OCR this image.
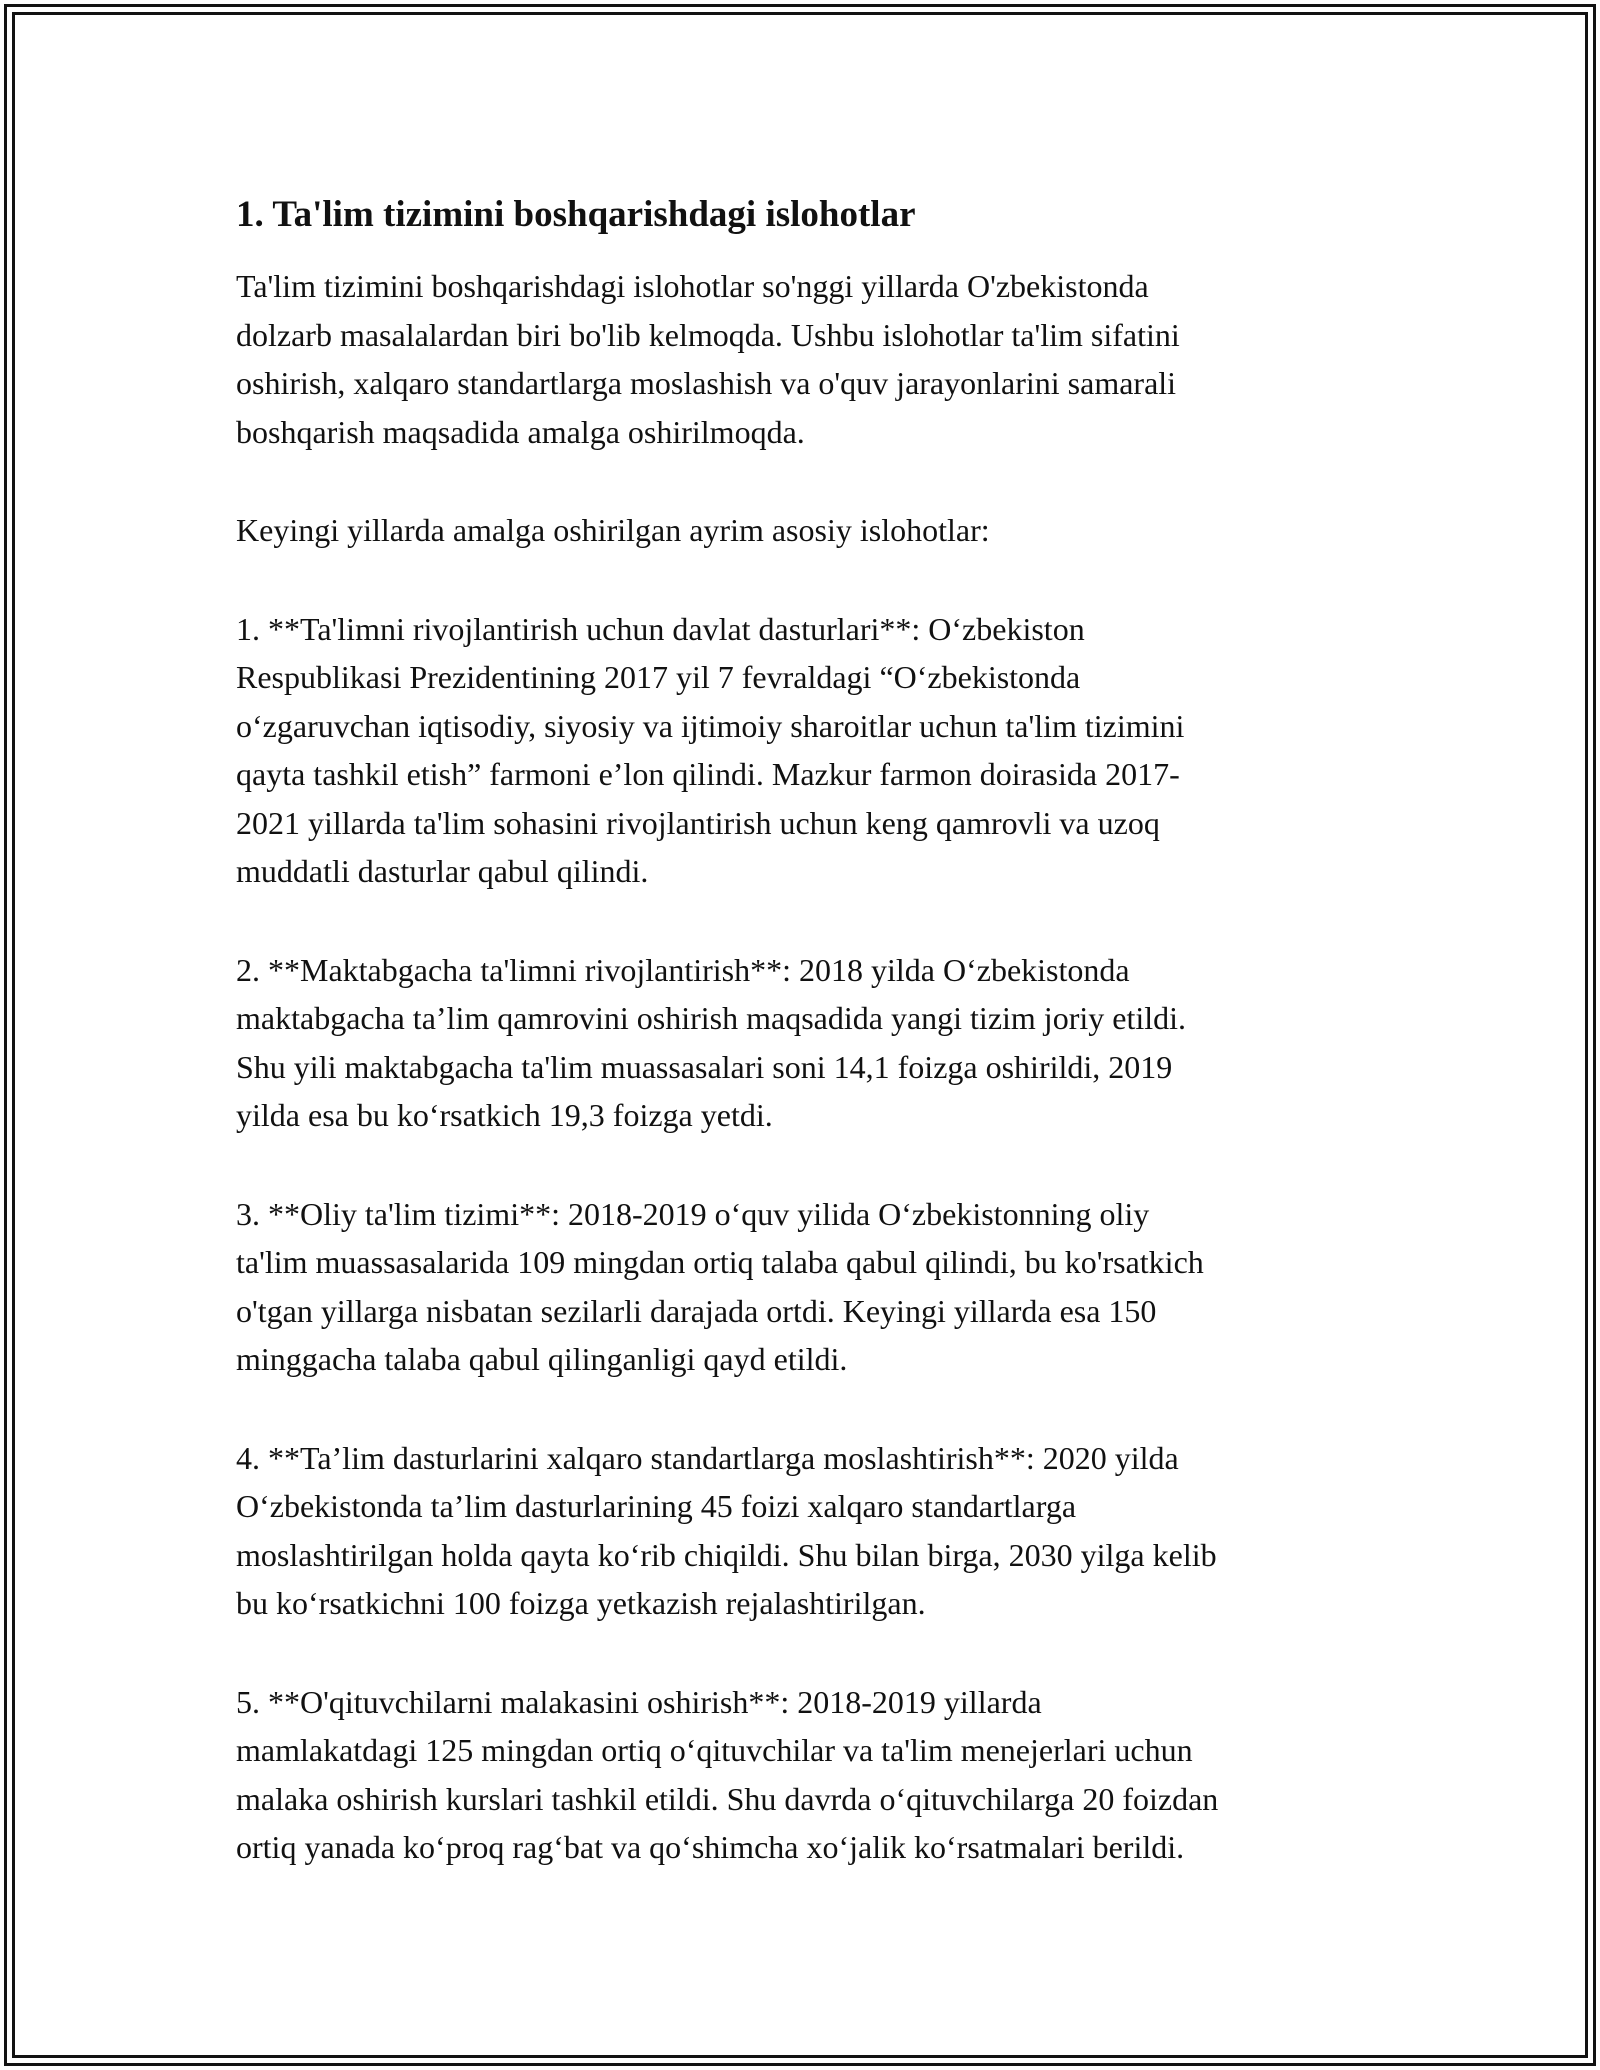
1. Ta'lim tizimini boshqarishdagi islohotlar

Ta'lim tizimini boshqarishdagi islohotlar so'nggi yillarda O'zbekistonda
dolzarb masalalardan biri bo'lib kelmoqda. Ushbu islohotlar ta'lim sifatini
oshirish, xalqaro standartlarga moslashish va o'quv jarayonlarini samarali
boshqarish maqsadida amalga oshirilmoqda.

Keyingi yillarda amalga oshirilgan ayrim asosiy islohotlar:

1. **Ta'limni rivojlantirish uchun davlat dasturlari**: O‘zbekiston
Respublikasi Prezidentining 2017 yil 7 fevraldagi “O‘zbekistonda
o‘zgaruvchan iqtisodiy, siyosiy va ijtimoiy sharoitlar uchun ta'lim tizimini
qayta tashkil etish” farmoni e’lon qilindi. Mazkur farmon doirasida 2017-
2021 yillarda ta'lim sohasini rivojlantirish uchun keng qamrovli va uzoq
muddatli dasturlar qabul qilindi.

2. **Maktabgacha ta'limni rivojlantirish**: 2018 yilda O‘zbekistonda
maktabgacha ta’lim qamrovini oshirish maqsadida yangi tizim joriy etildi.
Shu yili maktabgacha ta'lim muassasalari soni 14,1 foizga oshirildi, 2019
yilda esa bu ko‘rsatkich 19,3 foizga yetdi.

3. **Oliy ta'lim tizimi**: 2018-2019 o‘quv yilida O‘zbekistonning oliy
ta'lim muassasalarida 109 mingdan ortiq talaba qabul qilindi, bu ko'rsatkich
o'tgan yillarga nisbatan sezilarli darajada ortdi. Keyingi yillarda esa 150
minggacha talaba qabul qilinganligi qayd etildi.

4. **Ta’lim dasturlarini xalqaro standartlarga moslashtirish**: 2020 yilda
O‘zbekistonda ta’lim dasturlarining 45 foizi xalqaro standartlarga
moslashtirilgan holda qayta ko‘rib chiqildi. Shu bilan birga, 2030 yilga kelib
bu ko‘rsatkichni 100 foizga yetkazish rejalashtirilgan.

5. **O'qituvchilarni malakasini oshirish**: 2018-2019 yillarda
mamlakatdagi 125 mingdan ortiq o‘qituvchilar va ta'lim menejerlari uchun
malaka oshirish kurslari tashkil etildi. Shu davrda o‘qituvchilarga 20 foizdan
ortiq yanada ko‘proq rag‘bat va qo‘shimcha xo‘jalik ko‘rsatmalari berildi.
